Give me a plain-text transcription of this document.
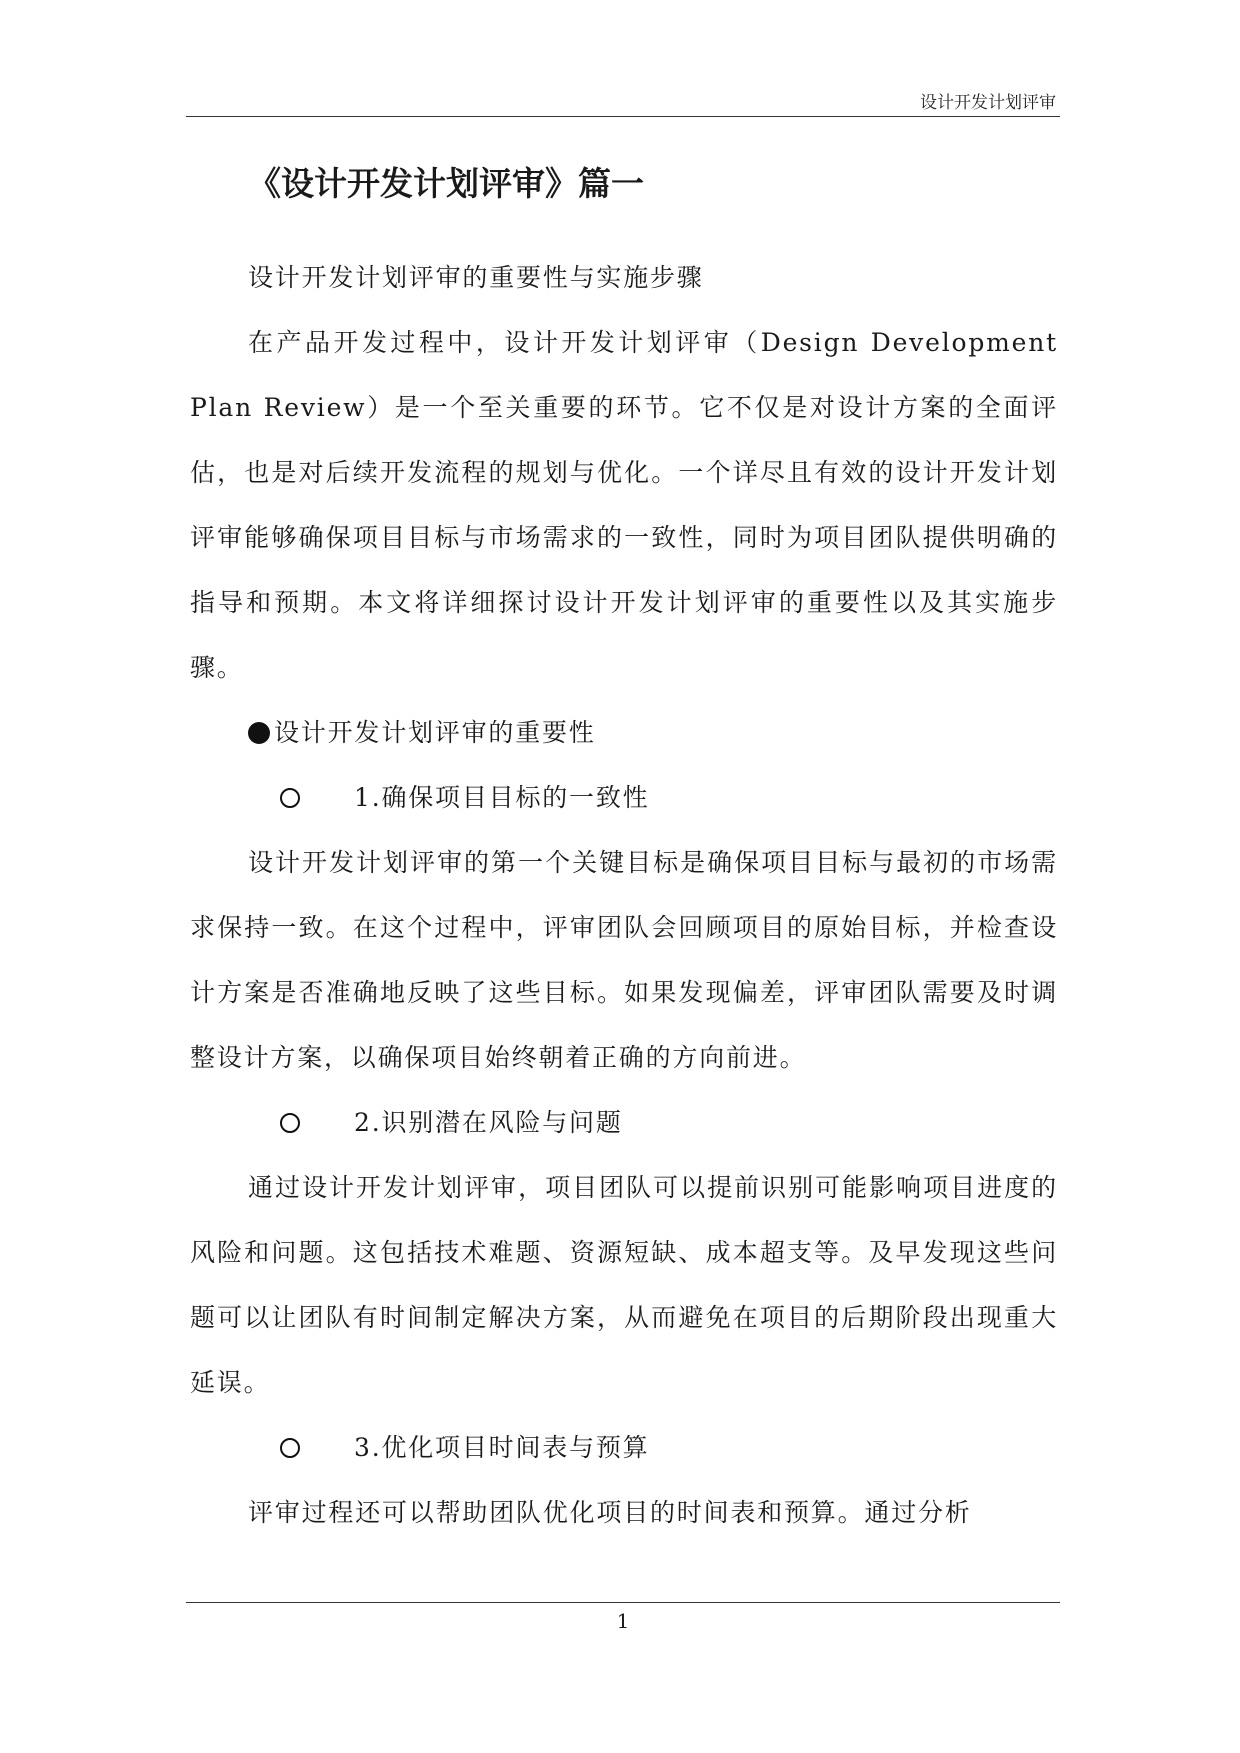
设计开发计划评审
《设计开发计划评审》篇一

设计开发计划评审的重要性与实施步骤

在产品开发过程中，设计开发计划评审（Design Development Plan Review）是一个至关重要的环节。它不仅是对设计方案的全面评估，也是对后续开发流程的规划与优化。一个详尽且有效的设计开发计划评审能够确保项目目标与市场需求的一致性，同时为项目团队提供明确的指导和预期。本文将详细探讨设计开发计划评审的重要性以及其实施步骤。

设计开发计划评审的重要性
1.确保项目目标的一致性

设计开发计划评审的第一个关键目标是确保项目目标与最初的市场需求保持一致。在这个过程中，评审团队会回顾项目的原始目标，并检查设计方案是否准确地反映了这些目标。如果发现偏差，评审团队需要及时调整设计方案，以确保项目始终朝着正确的方向前进。

2.识别潜在风险与问题

通过设计开发计划评审，项目团队可以提前识别可能影响项目进度的风险和问题。这包括技术难题、资源短缺、成本超支等。及早发现这些问题可以让团队有时间制定解决方案，从而避免在项目的后期阶段出现重大延误。

3.优化项目时间表与预算

评审过程还可以帮助团队优化项目的时间表和预算。通过分析

1
